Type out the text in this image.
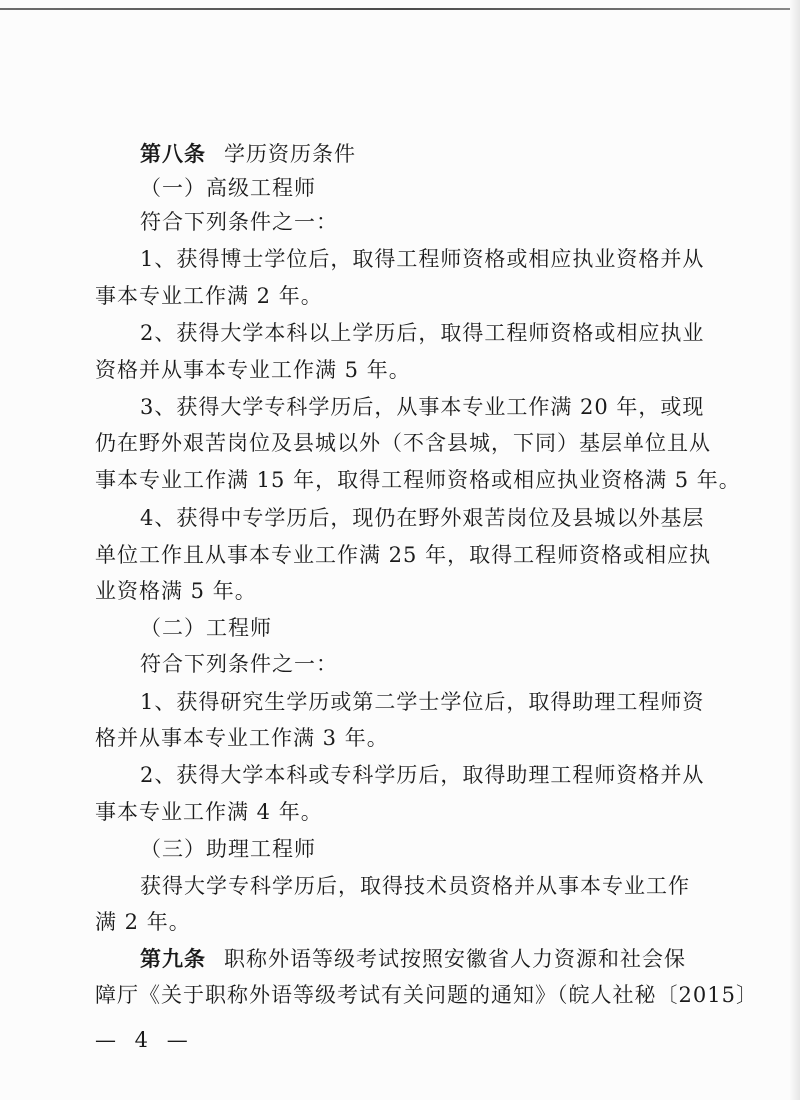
第八条 学历资历条件
（一）高级工程师
符合下列条件之一：
1、获得博士学位后，取得工程师资格或相应执业资格并从
事本专业工作满 2 年。
2、获得大学本科以上学历后，取得工程师资格或相应执业
资格并从事本专业工作满 5 年。
3、获得大学专科学历后，从事本专业工作满 20 年，或现
仍在野外艰苦岗位及县城以外（不含县城，下同）基层单位且从
事本专业工作满 15 年，取得工程师资格或相应执业资格满 5 年。
4、获得中专学历后，现仍在野外艰苦岗位及县城以外基层
单位工作且从事本专业工作满 25 年，取得工程师资格或相应执
业资格满 5 年。
（二）工程师
符合下列条件之一：
1、获得研究生学历或第二学士学位后，取得助理工程师资
格并从事本专业工作满 3 年。
2、获得大学本科或专科学历后，取得助理工程师资格并从
事本专业工作满 4 年。
（三）助理工程师
获得大学专科学历后，取得技术员资格并从事本专业工作
满 2 年。
第九条 职称外语等级考试按照安徽省人力资源和社会保
障厅《关于职称外语等级考试有关问题的通知》（皖人社秘〔2015〕
— 4 —
